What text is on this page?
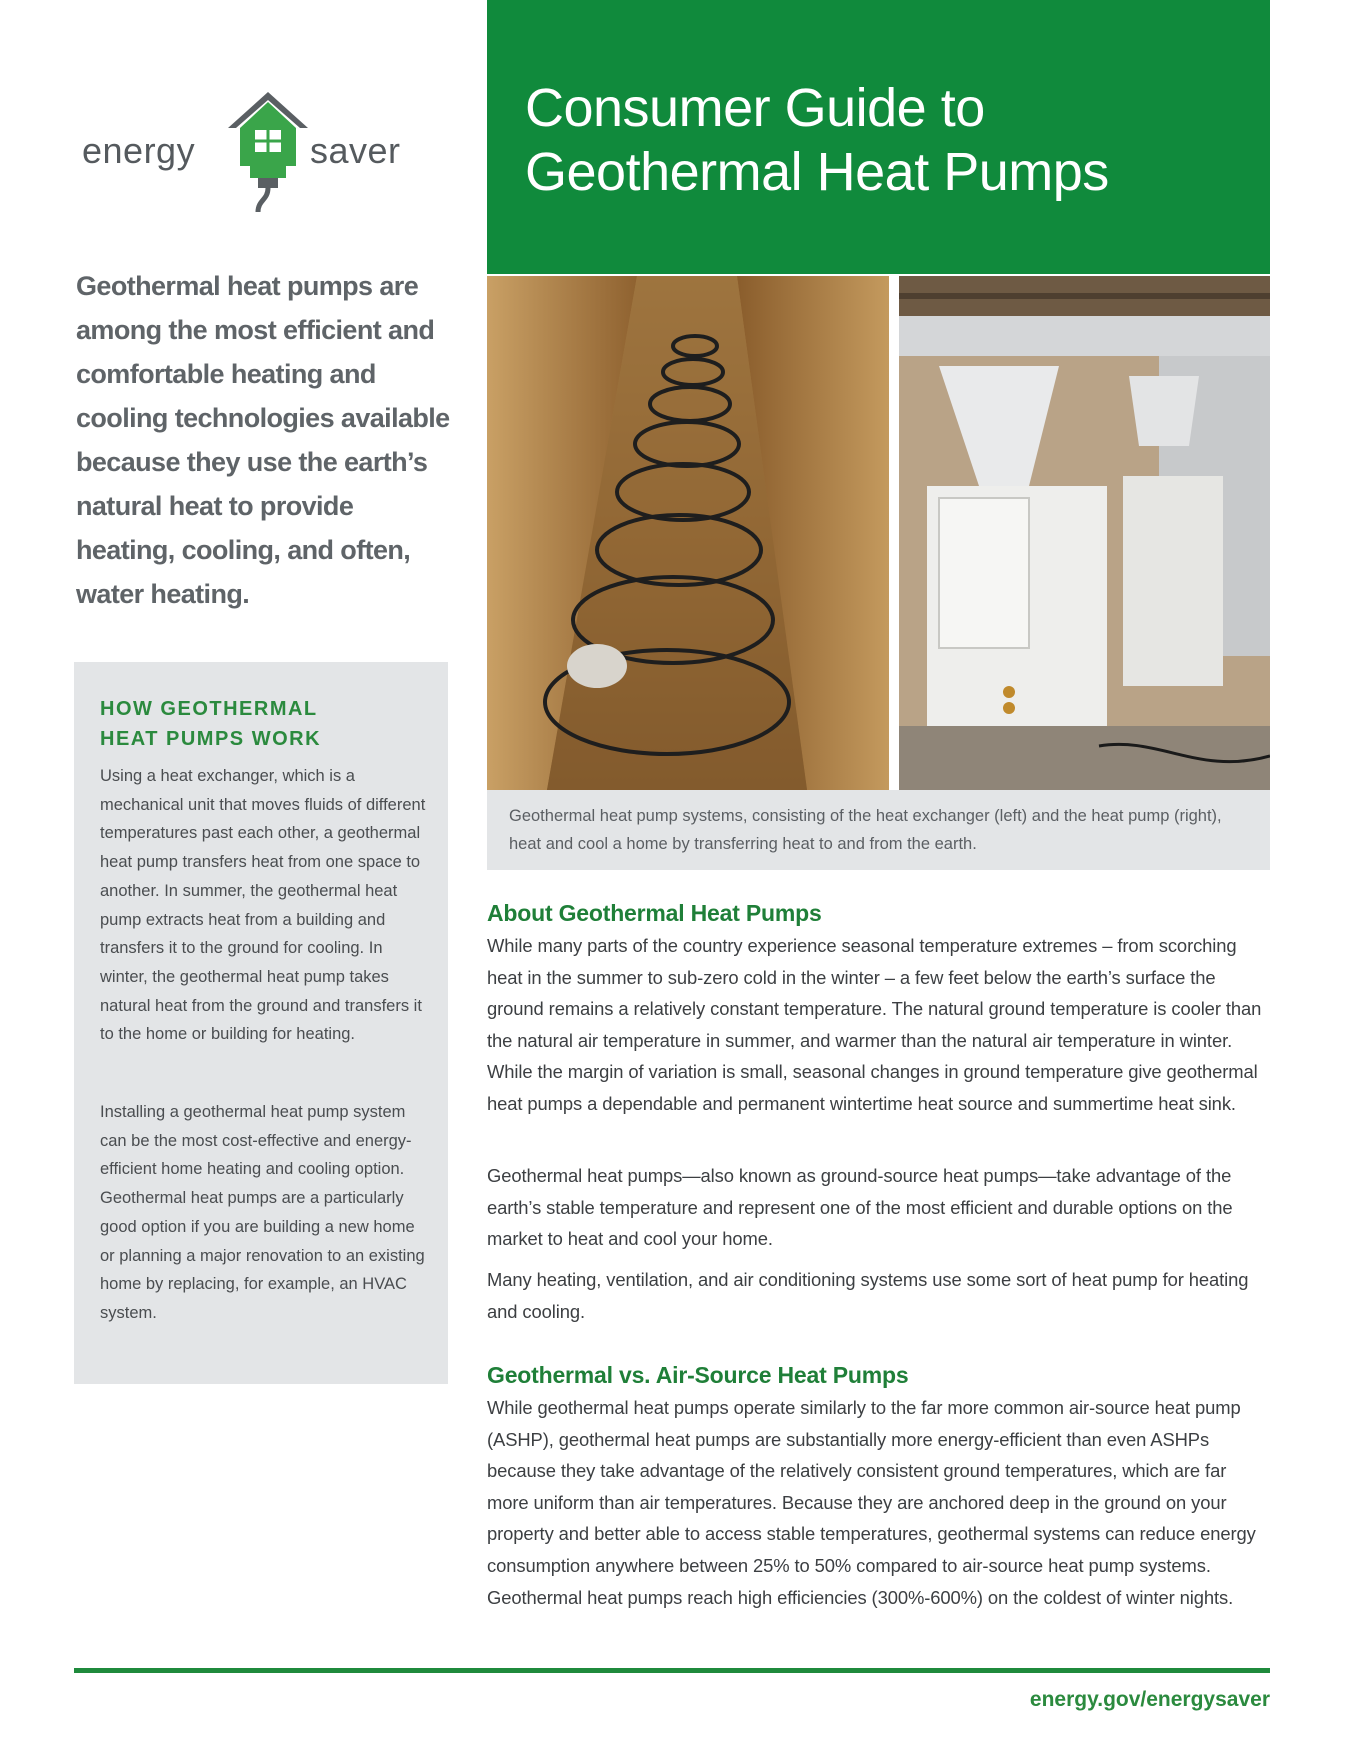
energy	saver
Geothermal heat pumps are among the most efficient and comfortable heating and cooling technologies available because they use the earth’s natural heat to provide heating, cooling, and often, water heating.
HOW GEOTHERMAL
HEAT PUMPS WORK

Using a heat exchanger, which is a mechanical unit that moves fluids of different temperatures past each other, a geothermal heat pump transfers heat from one space to another. In summer, the geothermal heat pump extracts heat from a building and transfers it to the ground for cooling. In winter, the geothermal heat pump takes natural heat from the ground and transfers it to the home or building for heating.

Installing a geothermal heat pump system can be the most cost-effective and energy-efficient home heating and cooling option. Geothermal heat pumps are a particularly good option if you are building a new home or planning a major renovation to an existing home by replacing, for example, an HVAC system.

Consumer Guide to
Geothermal Heat Pumps
Geothermal heat pump systems, consisting of the heat exchanger (left) and the heat pump (right), heat and cool a home by transferring heat to and from the earth.
About Geothermal Heat Pumps

While many parts of the country experience seasonal temperature extremes – from scorching heat in the summer to sub-zero cold in the winter – a few feet below the earth’s surface the ground remains a relatively constant temperature. The natural ground temperature is cooler than the natural air temperature in summer, and warmer than the natural air temperature in winter. While the margin of variation is small, seasonal changes in ground temperature give geothermal heat pumps a dependable and permanent wintertime heat source and summertime heat sink.

Geothermal heat pumps—also known as ground-source heat pumps—take advantage of the earth’s stable temperature and represent one of the most efficient and durable options on the market to heat and cool your home.

Many heating, ventilation, and air conditioning systems use some sort of heat pump for heating and cooling.

Geothermal vs. Air-Source Heat Pumps

While geothermal heat pumps operate similarly to the far more common air-source heat pump (ASHP), geothermal heat pumps are substantially more energy-efficient than even ASHPs because they take advantage of the relatively consistent ground temperatures, which are far more uniform than air temperatures. Because they are anchored deep in the ground on your property and better able to access stable temperatures, geothermal systems can reduce energy consumption anywhere between 25% to 50% compared to air-source heat pump systems. Geothermal heat pumps reach high efficiencies (300%-600%) on the coldest of winter nights.

energy.gov/energysaver
